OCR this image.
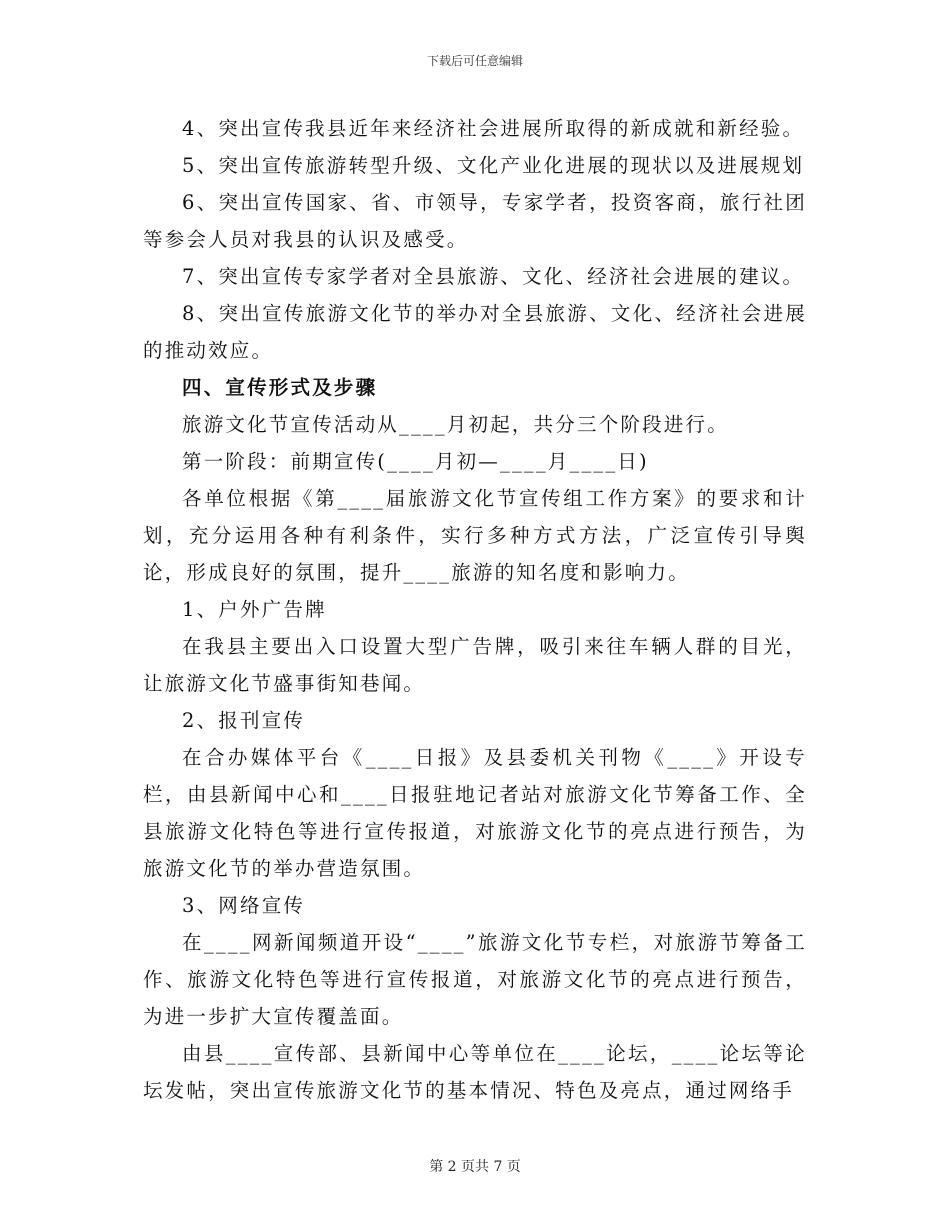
下载后可任意编辑

4、突出宣传我县近年来经济社会进展所取得的新成就和新经验。

5、突出宣传旅游转型升级、文化产业化进展的现状以及进展规划

6、突出宣传国家、省、市领导，专家学者，投资客商，旅行社团等参会人员对我县的认识及感受。

7、突出宣传专家学者对全县旅游、文化、经济社会进展的建议。

8、突出宣传旅游文化节的举办对全县旅游、文化、经济社会进展的推动效应。

四、宣传形式及步骤

旅游文化节宣传活动从____月初起，共分三个阶段进行。

第一阶段：前期宣传(____月初—____月____日)

各单位根据《第____届旅游文化节宣传组工作方案》的要求和计划，充分运用各种有利条件，实行多种方式方法，广泛宣传引导舆论，形成良好的氛围，提升____旅游的知名度和影响力。

1、户外广告牌

在我县主要出入口设置大型广告牌，吸引来往车辆人群的目光，让旅游文化节盛事街知巷闻。

2、报刊宣传

在合办媒体平台《____日报》及县委机关刊物《____》开设专栏，由县新闻中心和____日报驻地记者站对旅游文化节筹备工作、全县旅游文化特色等进行宣传报道，对旅游文化节的亮点进行预告，为旅游文化节的举办营造氛围。

3、网络宣传

在____网新闻频道开设“____”旅游文化节专栏，对旅游节筹备工作、旅游文化特色等进行宣传报道，对旅游文化节的亮点进行预告，为进一步扩大宣传覆盖面。

由县____宣传部、县新闻中心等单位在____论坛，____论坛等论坛发帖，突出宣传旅游文化节的基本情况、特色及亮点，通过网络手

第 2 页共 7 页
